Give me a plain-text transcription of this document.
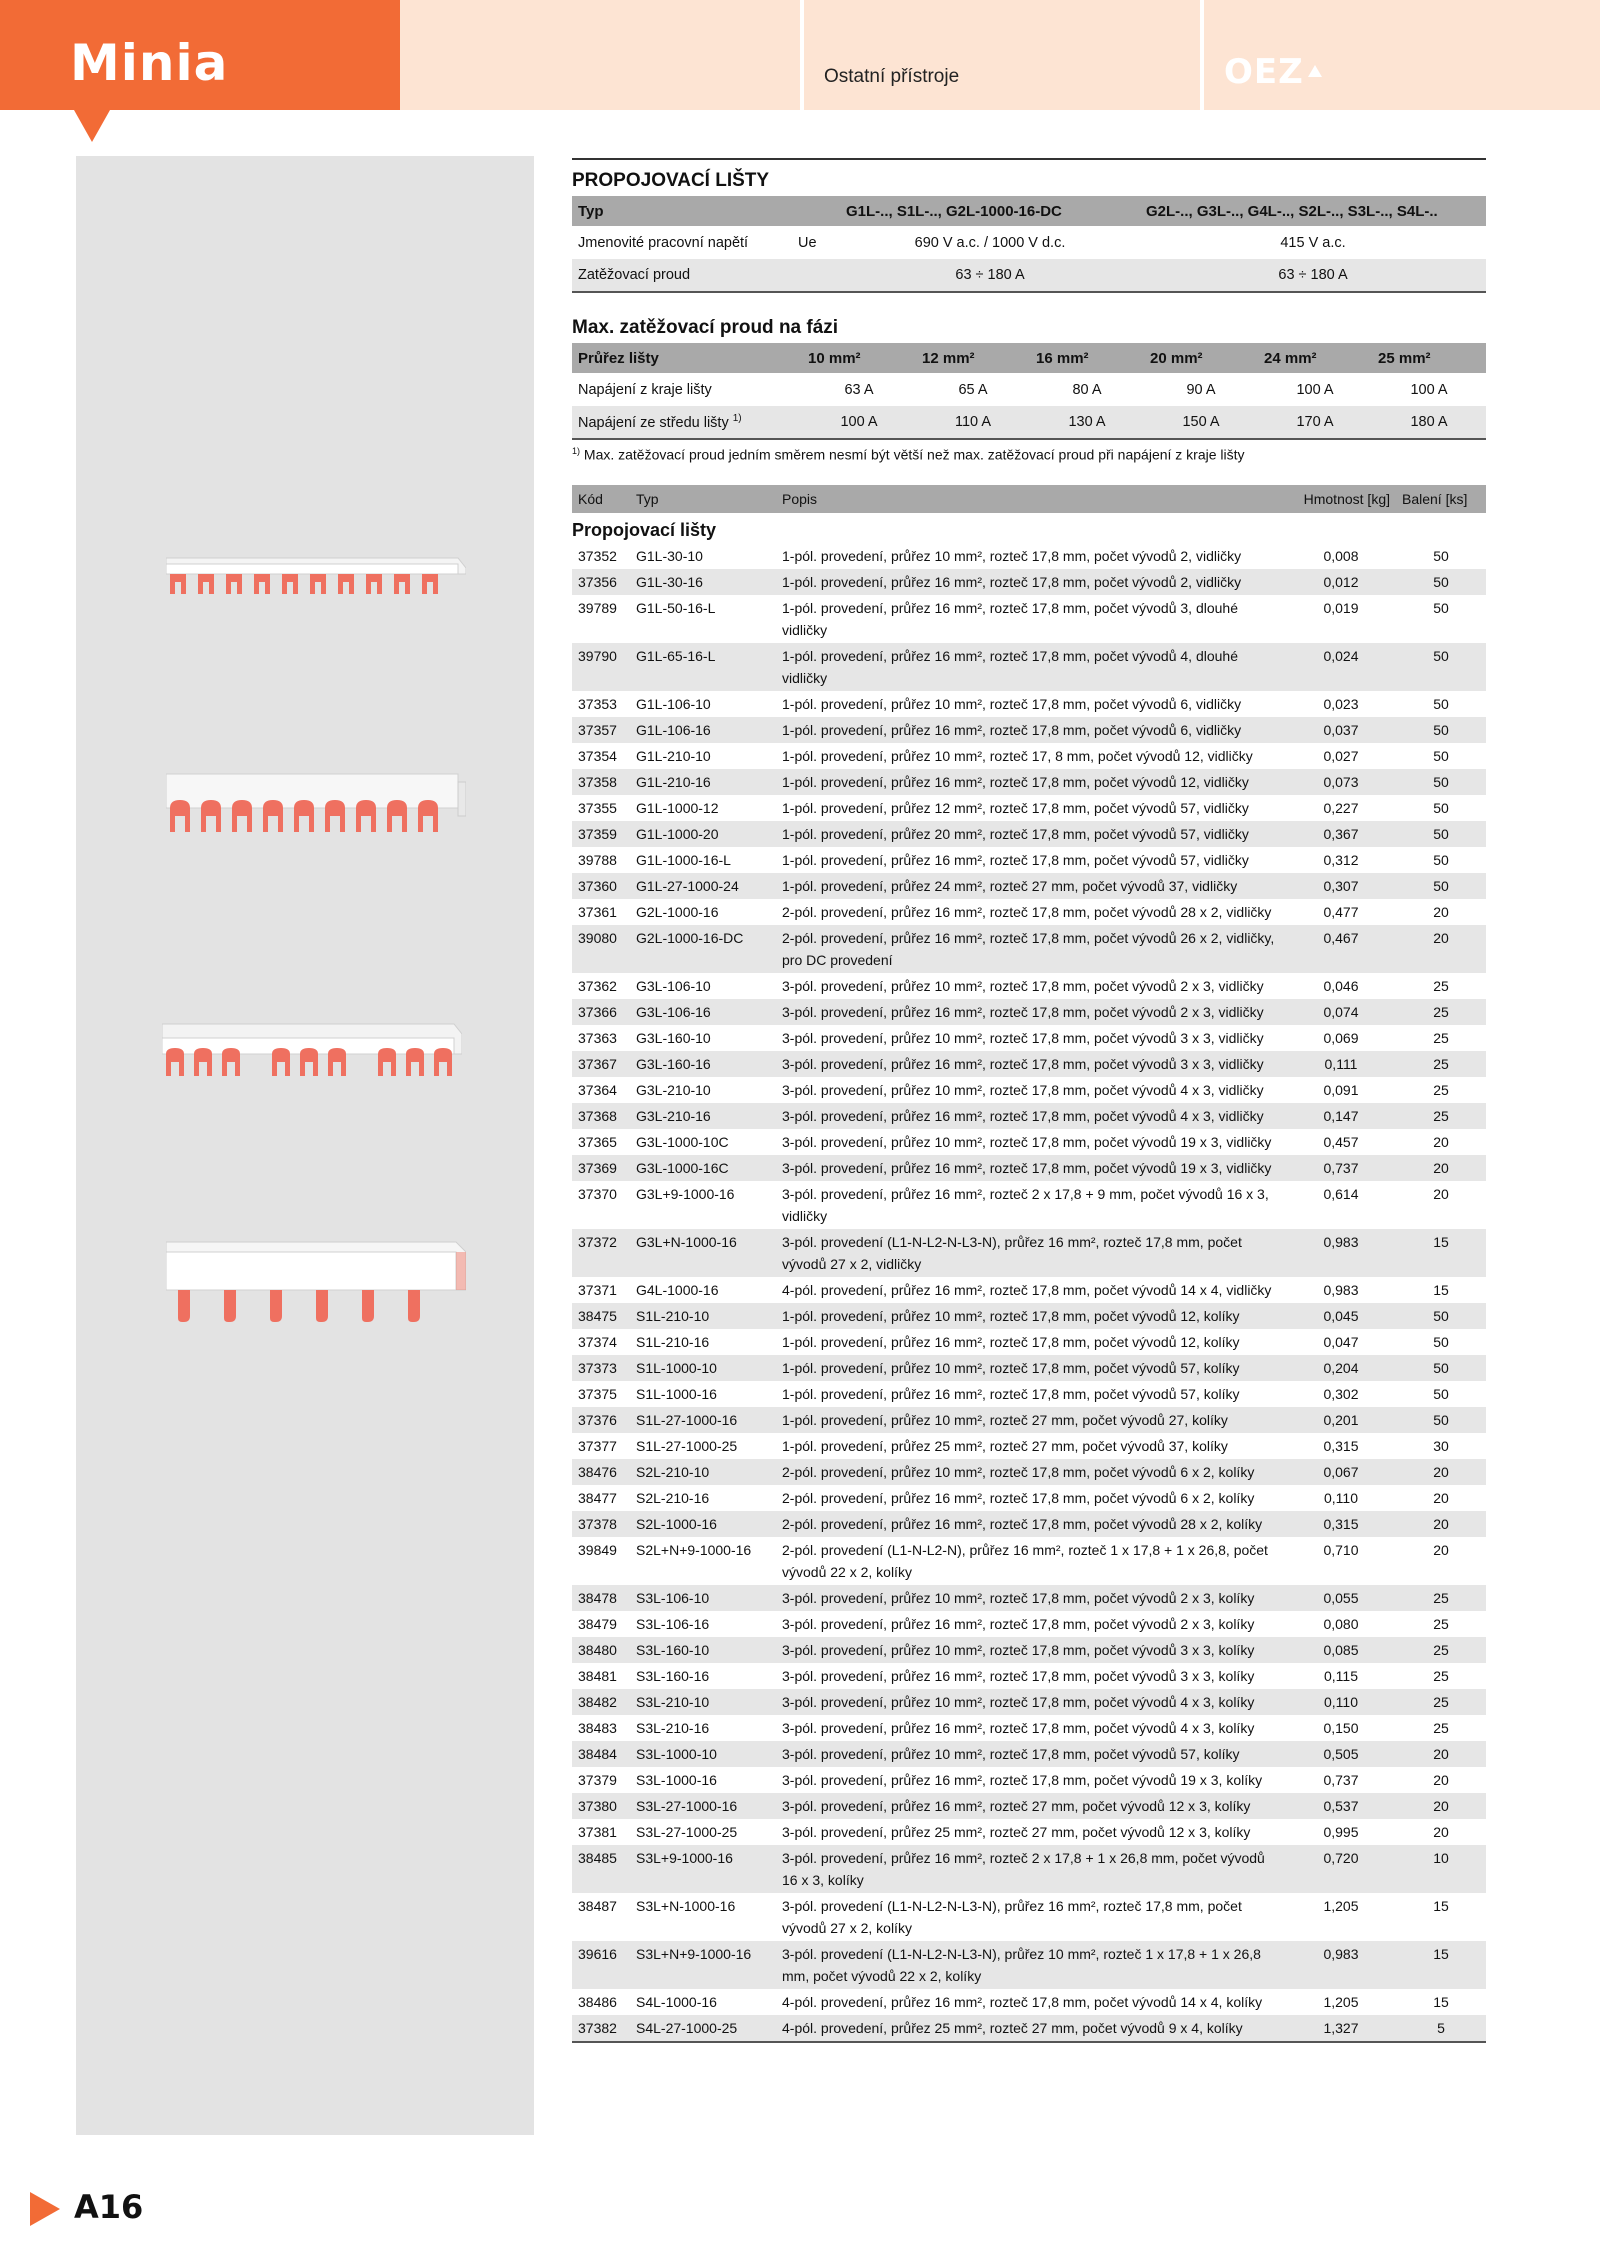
Minia	Ostatní přístroje	OEZ
PROPOJOVACÍ LIŠTY
Typ		G1L-.., S1L-.., G2L-1000-16-DC	G2L-.., G3L-.., G4L-.., S2L-.., S3L-.., S4L-..
Jmenovité pracovní napětí	Ue	690 V a.c. / 1000 V d.c.	415 V a.c.
Zatěžovací proud		63 ÷ 180 A	63 ÷ 180 A
Max. zatěžovací proud na fázi
Průřez lišty	10 mm²	12 mm²	16 mm²	20 mm²	24 mm²	25 mm²
Napájení z kraje lišty	63 A	65 A	80 A	90 A	100 A	100 A
Napájení ze středu lišty $^{1)}$	100 A	110 A	130 A	150 A	170 A	180 A
$^{1)}$ Max. zatěžovací proud jedním směrem nesmí být větší než max. zatěžovací proud při napájení z kraje lišty
Kód	Typ	Popis	Hmotnost [kg]	Balení [ks]
Propojovací lišty				
37352	G1L-30-10	1-pól. provedení, průřez 10 mm², rozteč 17,8 mm, počet vývodů 2, vidličky	0,008	50
37356	G1L-30-16	1-pól. provedení, průřez 16 mm², rozteč 17,8 mm, počet vývodů 2, vidličky	0,012	50
39789	G1L-50-16-L	1-pól. provedení, průřez 16 mm², rozteč 17,8 mm, počet vývodů 3, dlouhé vidličky	0,019	50
39790	G1L-65-16-L	1-pól. provedení, průřez 16 mm², rozteč 17,8 mm, počet vývodů 4, dlouhé vidličky	0,024	50
37353	G1L-106-10	1-pól. provedení, průřez 10 mm², rozteč 17,8 mm, počet vývodů 6, vidličky	0,023	50
37357	G1L-106-16	1-pól. provedení, průřez 16 mm², rozteč 17,8 mm, počet vývodů 6, vidličky	0,037	50
37354	G1L-210-10	1-pól. provedení, průřez 10 mm², rozteč 17, 8 mm, počet vývodů 12, vidličky	0,027	50
37358	G1L-210-16	1-pól. provedení, průřez 16 mm², rozteč 17,8 mm, počet vývodů 12, vidličky	0,073	50
37355	G1L-1000-12	1-pól. provedení, průřez 12 mm², rozteč 17,8 mm, počet vývodů 57, vidličky	0,227	50
37359	G1L-1000-20	1-pól. provedení, průřez 20 mm², rozteč 17,8 mm, počet vývodů 57, vidličky	0,367	50
39788	G1L-1000-16-L	1-pól. provedení, průřez 16 mm², rozteč 17,8 mm, počet vývodů 57, vidličky	0,312	50
37360	G1L-27-1000-24	1-pól. provedení, průřez 24 mm², rozteč 27 mm, počet vývodů 37, vidličky	0,307	50
37361	G2L-1000-16	2-pól. provedení, průřez 16 mm², rozteč 17,8 mm, počet vývodů 28 x 2, vidličky	0,477	20
39080	G2L-1000-16-DC	2-pól. provedení, průřez 16 mm², rozteč 17,8 mm, počet vývodů 26 x 2, vidličky, pro DC provedení	0,467	20
37362	G3L-106-10	3-pól. provedení, průřez 10 mm², rozteč 17,8 mm, počet vývodů 2 x 3, vidličky	0,046	25
37366	G3L-106-16	3-pól. provedení, průřez 16 mm², rozteč 17,8 mm, počet vývodů 2 x 3, vidličky	0,074	25
37363	G3L-160-10	3-pól. provedení, průřez 10 mm², rozteč 17,8 mm, počet vývodů 3 x 3, vidličky	0,069	25
37367	G3L-160-16	3-pól. provedení, průřez 16 mm², rozteč 17,8 mm, počet vývodů 3 x 3, vidličky	0,111	25
37364	G3L-210-10	3-pól. provedení, průřez 10 mm², rozteč 17,8 mm, počet vývodů 4 x 3, vidličky	0,091	25
37368	G3L-210-16	3-pól. provedení, průřez 16 mm², rozteč 17,8 mm, počet vývodů 4 x 3, vidličky	0,147	25
37365	G3L-1000-10C	3-pól. provedení, průřez 10 mm², rozteč 17,8 mm, počet vývodů 19 x 3, vidličky	0,457	20
37369	G3L-1000-16C	3-pól. provedení, průřez 16 mm², rozteč 17,8 mm, počet vývodů 19 x 3, vidličky	0,737	20
37370	G3L+9-1000-16	3-pól. provedení, průřez 16 mm², rozteč 2 x 17,8 + 9 mm, počet vývodů 16 x 3, vidličky	0,614	20
37372	G3L+N-1000-16	3-pól. provedení (L1-N-L2-N-L3-N), průřez 16 mm², rozteč 17,8 mm, počet vývodů 27 x 2, vidličky	0,983	15
37371	G4L-1000-16	4-pól. provedení, průřez 16 mm², rozteč 17,8 mm, počet vývodů 14 x 4, vidličky	0,983	15
38475	S1L-210-10	1-pól. provedení, průřez 10 mm², rozteč 17,8 mm, počet vývodů 12, kolíky	0,045	50
37374	S1L-210-16	1-pól. provedení, průřez 16 mm², rozteč 17,8 mm, počet vývodů 12, kolíky	0,047	50
37373	S1L-1000-10	1-pól. provedení, průřez 10 mm², rozteč 17,8 mm, počet vývodů 57, kolíky	0,204	50
37375	S1L-1000-16	1-pól. provedení, průřez 16 mm², rozteč 17,8 mm, počet vývodů 57, kolíky	0,302	50
37376	S1L-27-1000-16	1-pól. provedení, průřez 10 mm², rozteč 27 mm, počet vývodů 27, kolíky	0,201	50
37377	S1L-27-1000-25	1-pól. provedení, průřez 25 mm², rozteč 27 mm, počet vývodů 37, kolíky	0,315	30
38476	S2L-210-10	2-pól. provedení, průřez 10 mm², rozteč 17,8 mm, počet vývodů 6 x 2, kolíky	0,067	20
38477	S2L-210-16	2-pól. provedení, průřez 16 mm², rozteč 17,8 mm, počet vývodů 6 x 2, kolíky	0,110	20
37378	S2L-1000-16	2-pól. provedení, průřez 16 mm², rozteč 17,8 mm, počet vývodů 28 x 2, kolíky	0,315	20
39849	S2L+N+9-1000-16	2-pól. provedení (L1-N-L2-N), průřez 16 mm², rozteč 1 x 17,8 + 1 x 26,8, počet vývodů 22 x 2, kolíky	0,710	20
38478	S3L-106-10	3-pól. provedení, průřez 10 mm², rozteč 17,8 mm, počet vývodů 2 x 3, kolíky	0,055	25
38479	S3L-106-16	3-pól. provedení, průřez 16 mm², rozteč 17,8 mm, počet vývodů 2 x 3, kolíky	0,080	25
38480	S3L-160-10	3-pól. provedení, průřez 10 mm², rozteč 17,8 mm, počet vývodů 3 x 3, kolíky	0,085	25
38481	S3L-160-16	3-pól. provedení, průřez 16 mm², rozteč 17,8 mm, počet vývodů 3 x 3, kolíky	0,115	25
38482	S3L-210-10	3-pól. provedení, průřez 10 mm², rozteč 17,8 mm, počet vývodů 4 x 3, kolíky	0,110	25
38483	S3L-210-16	3-pól. provedení, průřez 16 mm², rozteč 17,8 mm, počet vývodů 4 x 3, kolíky	0,150	25
38484	S3L-1000-10	3-pól. provedení, průřez 10 mm², rozteč 17,8 mm, počet vývodů 57, kolíky	0,505	20
37379	S3L-1000-16	3-pól. provedení, průřez 16 mm², rozteč 17,8 mm, počet vývodů 19 x 3, kolíky	0,737	20
37380	S3L-27-1000-16	3-pól. provedení, průřez 16 mm², rozteč 27 mm, počet vývodů 12 x 3, kolíky	0,537	20
37381	S3L-27-1000-25	3-pól. provedení, průřez 25 mm², rozteč 27 mm, počet vývodů 12 x 3, kolíky	0,995	20
38485	S3L+9-1000-16	3-pól. provedení, průřez 16 mm², rozteč 2 x 17,8 + 1 x 26,8 mm, počet vývodů 16 x 3, kolíky	0,720	10
38487	S3L+N-1000-16	3-pól. provedení (L1-N-L2-N-L3-N), průřez 16 mm², rozteč 17,8 mm, počet vývodů 27 x 2, kolíky	1,205	15
39616	S3L+N+9-1000-16	3-pól. provedení (L1-N-L2-N-L3-N), průřez 10 mm², rozteč 1 x 17,8 + 1 x 26,8 mm, počet vývodů 22 x 2, kolíky	0,983	15
38486	S4L-1000-16	4-pól. provedení, průřez 16 mm², rozteč 17,8 mm, počet vývodů 14 x 4, kolíky	1,205	15
37382	S4L-27-1000-25	4-pól. provedení, průřez 25 mm², rozteč 27 mm, počet vývodů 9 x 4, kolíky	1,327	5
A16
